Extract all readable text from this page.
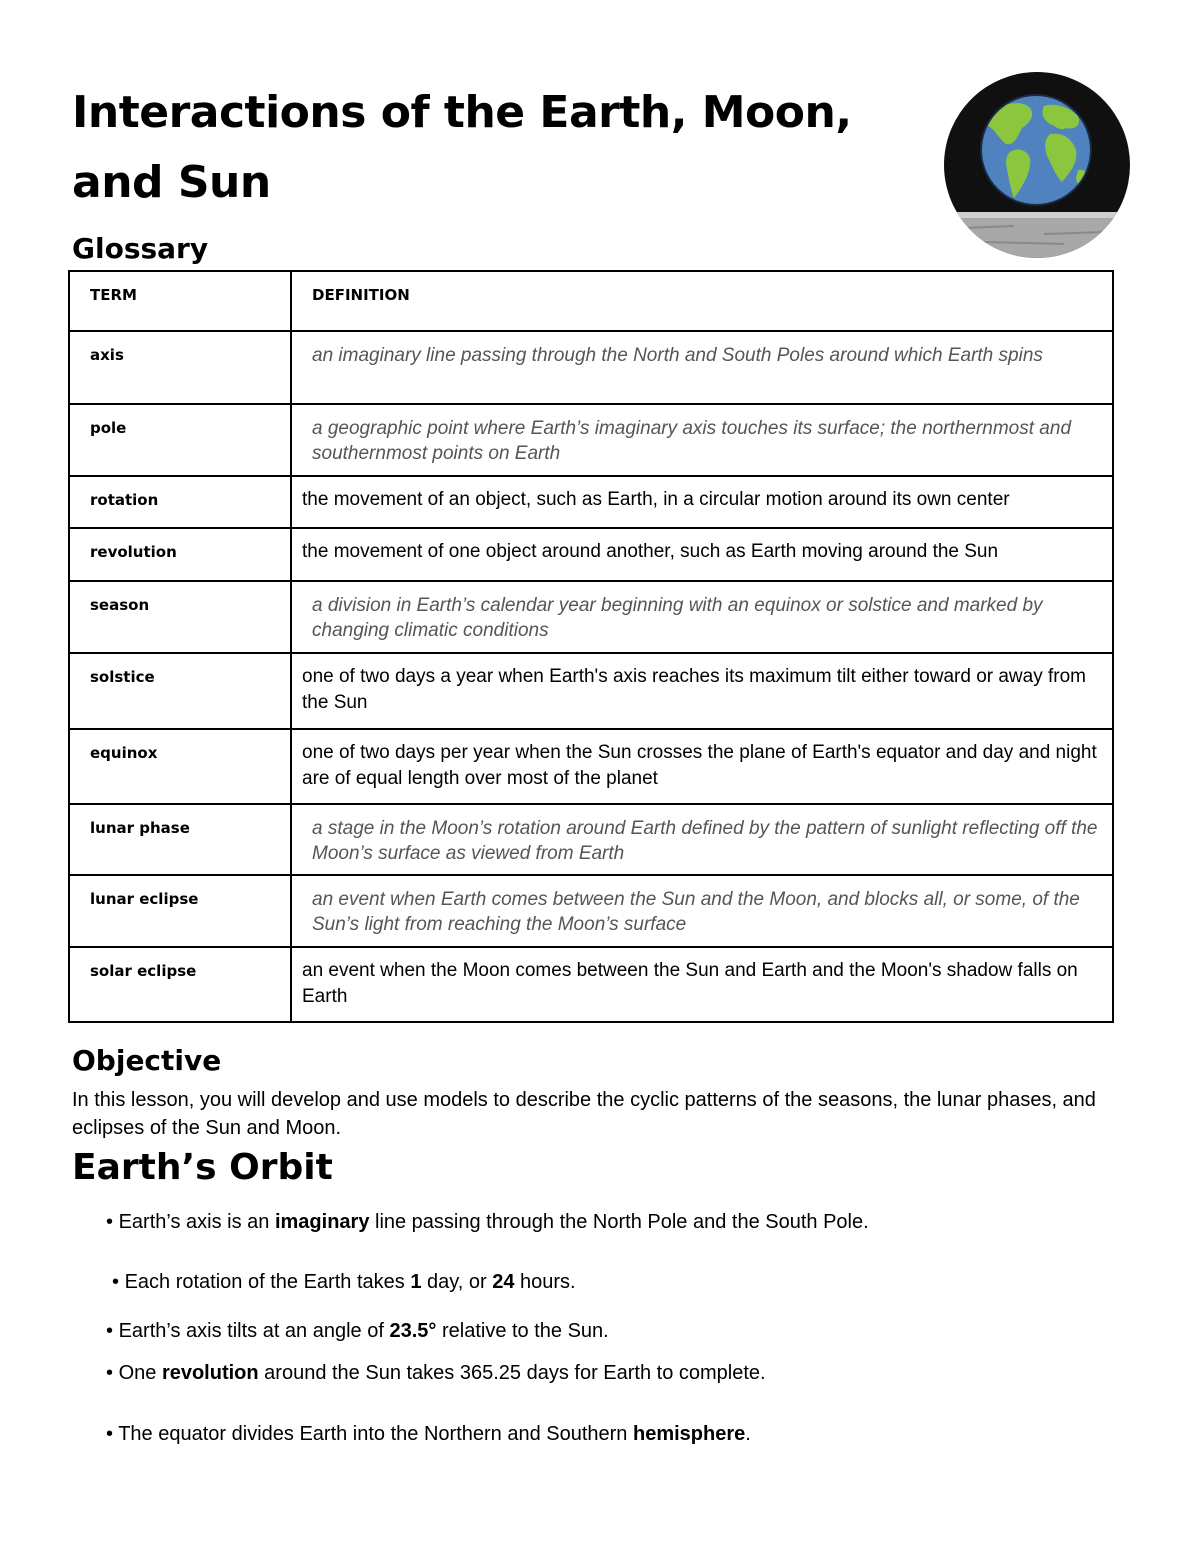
Interactions of the Earth, Moon,
and Sun
Glossary
TERM	DEFINITION
axis	an imaginary line passing through the North and South Poles around which Earth spins
pole	a geographic point where Earth’s imaginary axis touches its surface; the northernmost and southernmost points on Earth
rotation	the movement of an object, such as Earth, in a circular motion around its own center
revolution	the movement of one object around another, such as Earth moving around the Sun
season	a division in Earth’s calendar year beginning with an equinox or solstice and marked by changing climatic conditions
solstice	one of two days a year when Earth's axis reaches its maximum tilt either toward or away from the Sun
equinox	one of two days per year when the Sun crosses the plane of Earth's equator and day and night are of equal length over most of the planet
lunar phase	a stage in the Moon’s rotation around Earth defined by the pattern of sunlight reflecting off the Moon’s surface as viewed from Earth
lunar eclipse	an event when Earth comes between the Sun and the Moon, and blocks all, or some, of the Sun’s light from reaching the Moon’s surface
solar eclipse	an event when the Moon comes between the Sun and Earth and the Moon's shadow falls on Earth
Objective

In this lesson, you will develop and use models to describe the cyclic patterns of the seasons, the lunar phases, and eclipses of the Sun and Moon.

Earth’s Orbit

• Earth’s axis is an imaginary line passing through the North Pole and the South Pole.

• Each rotation of the Earth takes 1 day, or 24 hours.

• Earth’s axis tilts at an angle of 23.5° relative to the Sun.

• One revolution around the Sun takes 365.25 days for Earth to complete.

• The equator divides Earth into the Northern and Southern hemisphere.
